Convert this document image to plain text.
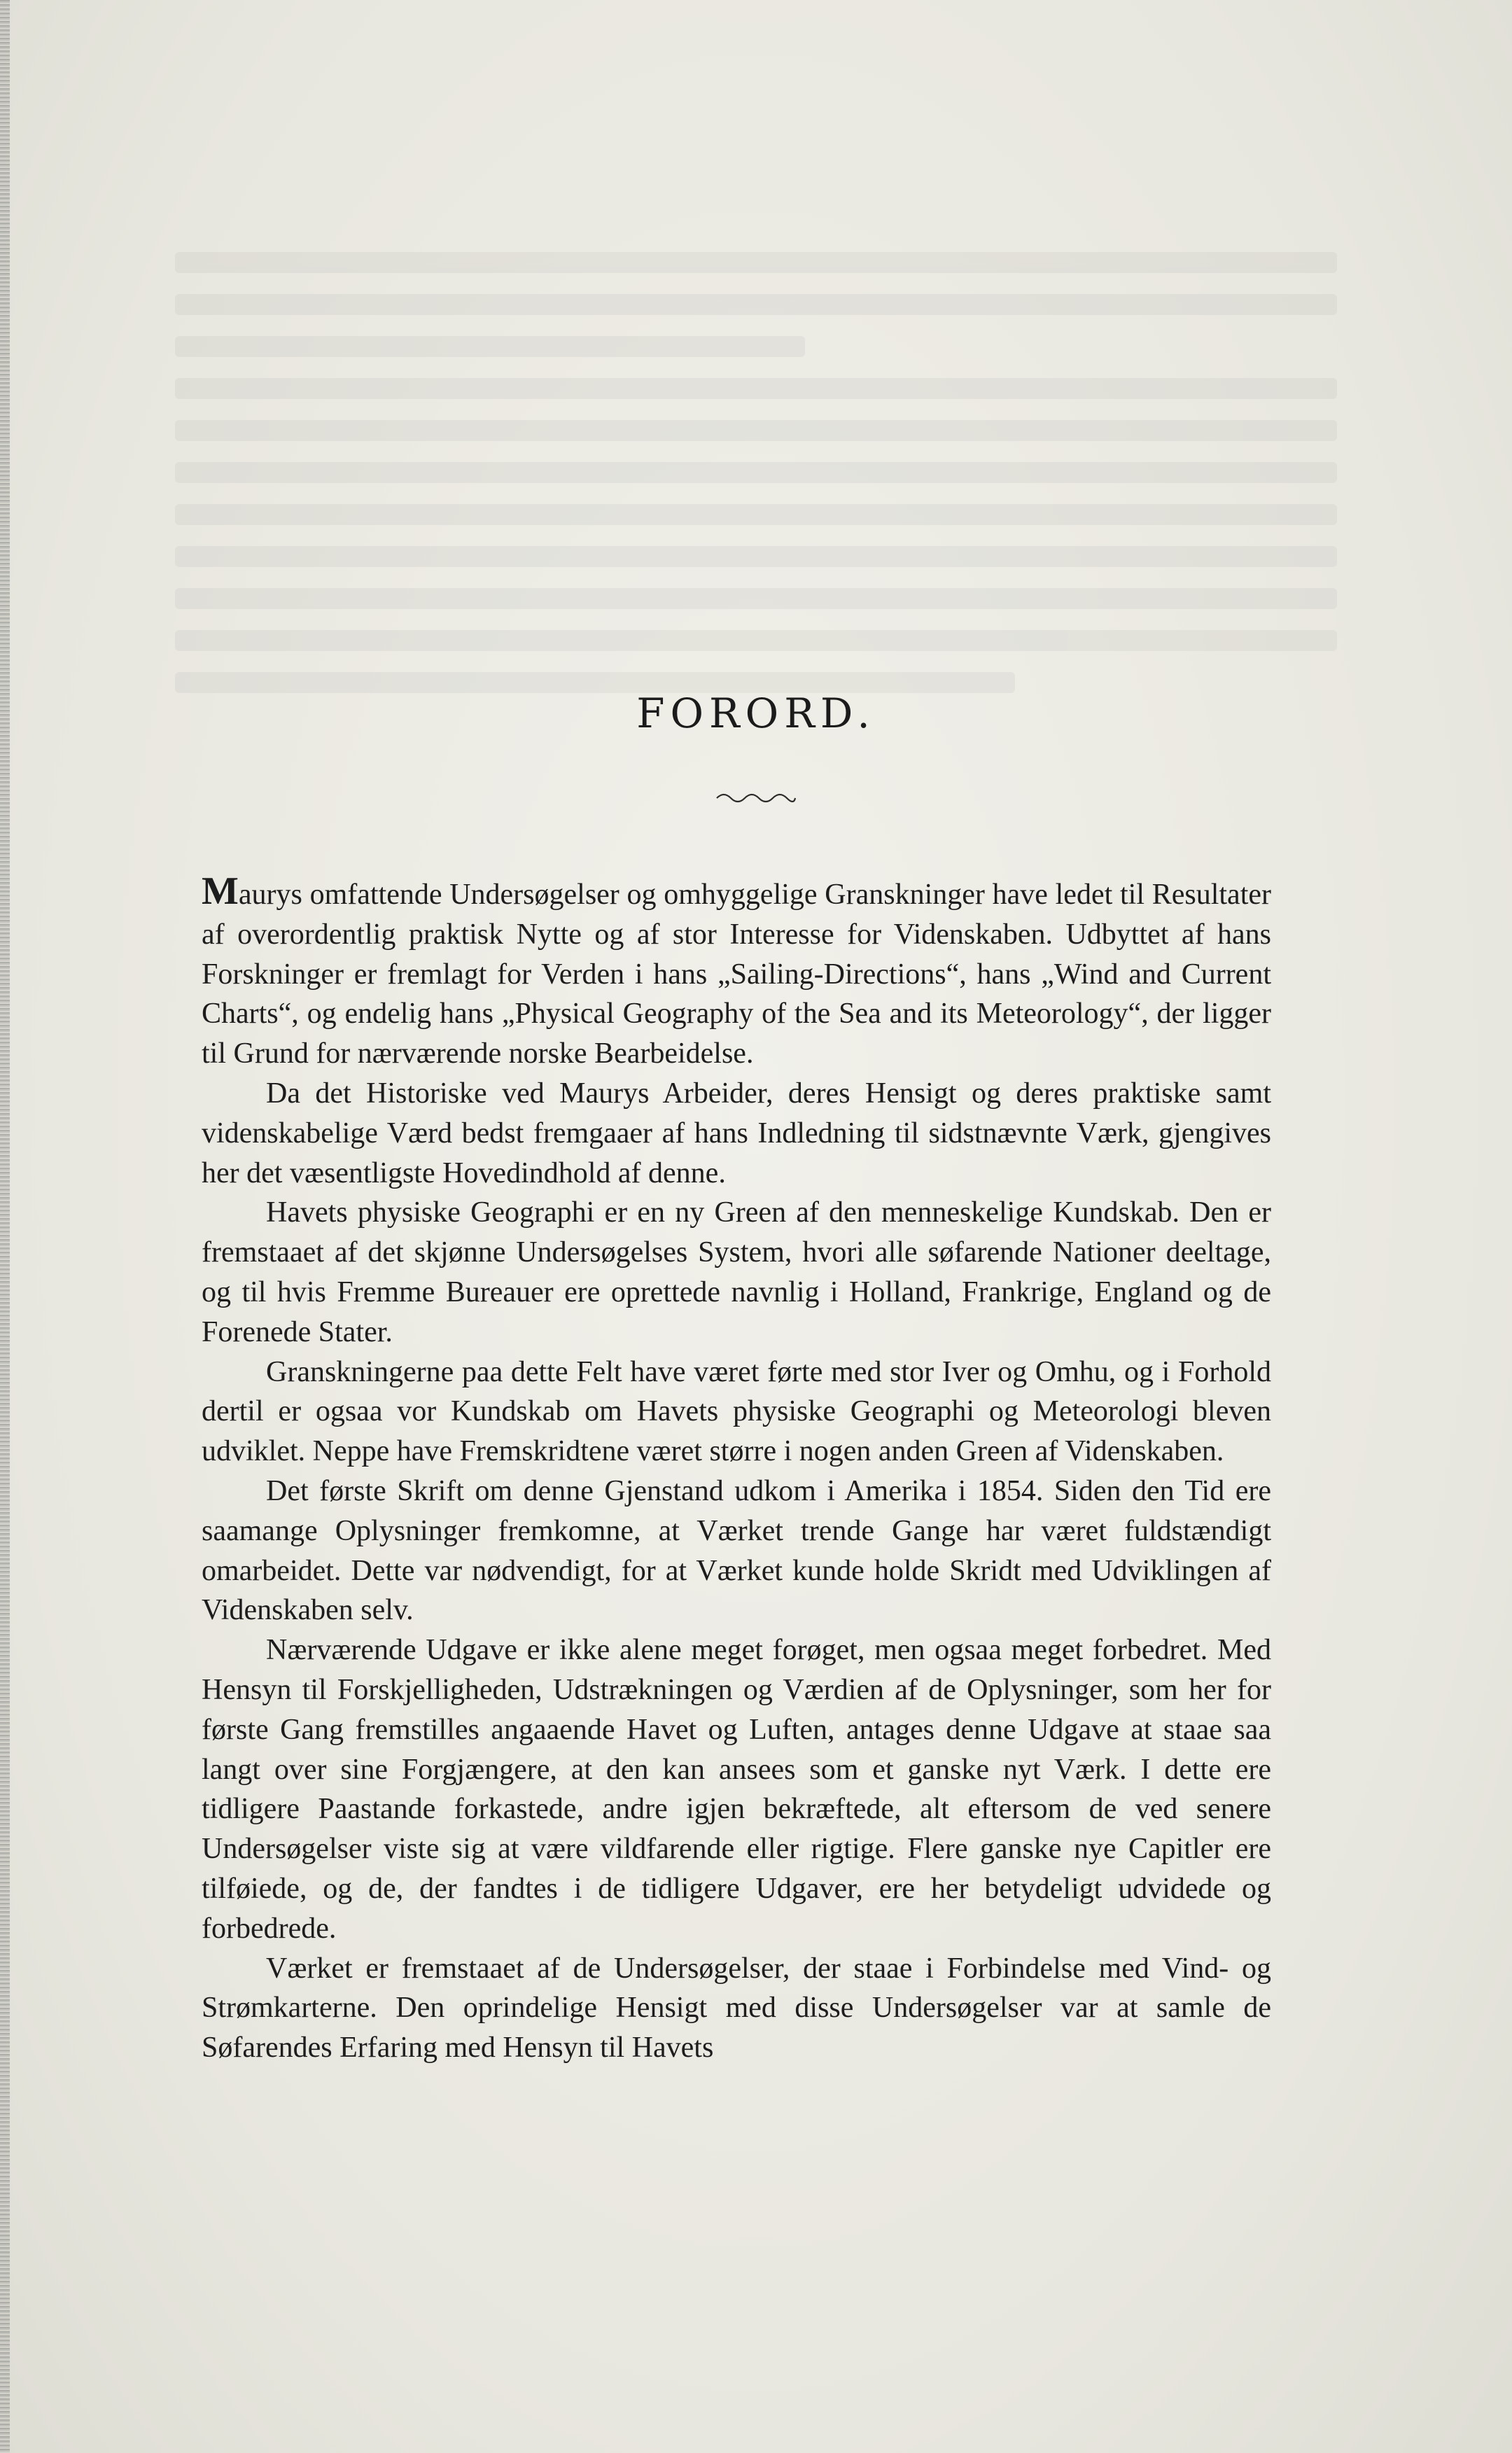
FORORD.

Maurys omfattende Undersøgelser og omhyggelige Granskninger have ledet til Resultater af overordentlig praktisk Nytte og af stor Interesse for Videnskaben. Udbyttet af hans Forskninger er fremlagt for Verden i hans „Sailing-Directions“, hans „Wind and Current Charts“, og endelig hans „Physical Geography of the Sea and its Meteorology“, der ligger til Grund for nærværende norske Bearbeidelse.

Da det Historiske ved Maurys Arbeider, deres Hensigt og deres praktiske samt videnskabelige Værd bedst fremgaaer af hans Indledning til sidstnævnte Værk, gjengives her det væsentligste Hovedindhold af denne.

Havets physiske Geographi er en ny Green af den menneskelige Kundskab. Den er fremstaaet af det skjønne Undersøgelses System, hvori alle søfarende Nationer deeltage, og til hvis Fremme Bureauer ere oprettede navnlig i Holland, Frankrige, England og de Forenede Stater.

Granskningerne paa dette Felt have været førte med stor Iver og Omhu, og i Forhold dertil er ogsaa vor Kundskab om Havets physiske Geographi og Meteorologi bleven udviklet. Neppe have Fremskridtene været større i nogen anden Green af Videnskaben.

Det første Skrift om denne Gjenstand udkom i Amerika i 1854. Siden den Tid ere saamange Oplysninger fremkomne, at Værket trende Gange har været fuldstændigt omarbeidet. Dette var nødvendigt, for at Værket kunde holde Skridt med Udviklingen af Videnskaben selv.

Nærværende Udgave er ikke alene meget forøget, men ogsaa meget forbedret. Med Hensyn til Forskjelligheden, Udstrækningen og Værdien af de Oplysninger, som her for første Gang fremstilles angaaende Havet og Luften, antages denne Udgave at staae saa langt over sine Forgjængere, at den kan ansees som et ganske nyt Værk. I dette ere tidligere Paastande forkastede, andre igjen bekræftede, alt eftersom de ved senere Undersøgelser viste sig at være vildfarende eller rigtige. Flere ganske nye Capitler ere tilføiede, og de, der fandtes i de tidligere Udgaver, ere her betydeligt udvidede og forbedrede.

Værket er fremstaaet af de Undersøgelser, der staae i Forbindelse med Vind- og Strømkarterne. Den oprindelige Hensigt med disse Undersøgelser var at samle de Søfarendes Erfaring med Hensyn til Havets
